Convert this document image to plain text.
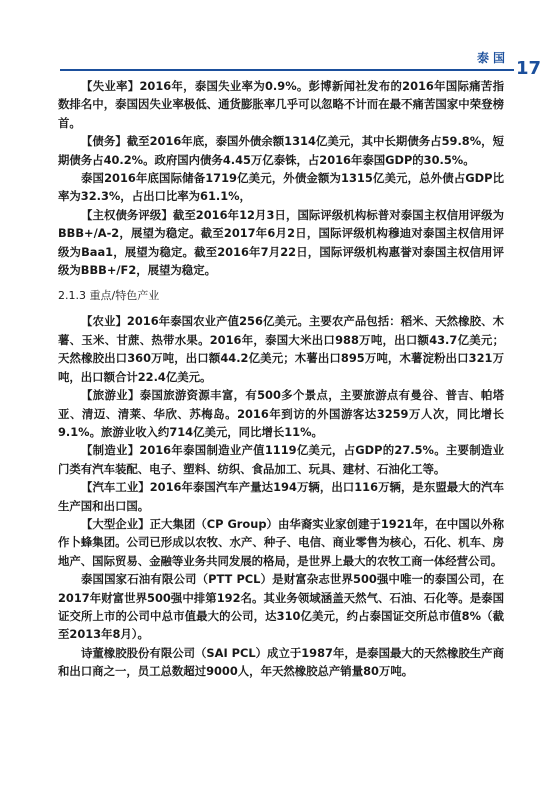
泰国 17

【失业率】2016年，泰国失业率为0.9%。彭博新闻社发布的2016年国际痛苦指数排名中，泰国因失业率极低、通货膨胀率几乎可以忽略不计而在最不痛苦国家中荣登榜首。

【债务】截至2016年底，泰国外债余额1314亿美元，其中长期债务占59.8%，短期债务占40.2%。政府国内债务4.45万亿泰铢，占2016年泰国GDP的30.5%。

泰国2016年底国际储备1719亿美元，外债金额为1315亿美元，总外债占GDP比率为32.3%，占出口比率为61.1%，

【主权债务评级】截至2016年12月3日，国际评级机构标普对泰国主权信用评级为BBB+/A-2，展望为稳定。截至2017年6月2日，国际评级机构穆迪对泰国主权信用评级为Baa1，展望为稳定。截至2016年7月22日，国际评级机构惠誉对泰国主权信用评级为BBB+/F2，展望为稳定。

2.1.3 重点/特色产业

【农业】2016年泰国农业产值256亿美元。主要农产品包括：稻米、天然橡胶、木薯、玉米、甘蔗、热带水果。2016年，泰国大米出口988万吨，出口额43.7亿美元；天然橡胶出口360万吨，出口额44.2亿美元；木薯出口895万吨，木薯淀粉出口321万吨，出口额合计22.4亿美元。

【旅游业】泰国旅游资源丰富，有500多个景点，主要旅游点有曼谷、普吉、帕塔亚、清迈、清莱、华欣、苏梅岛。2016年到访的外国游客达3259万人次，同比增长9.1%。旅游业收入约714亿美元，同比增长11%。

【制造业】2016年泰国制造业产值1119亿美元，占GDP的27.5%。主要制造业门类有汽车装配、电子、塑料、纺织、食品加工、玩具、建材、石油化工等。

【汽车工业】2016年泰国汽车产量达194万辆，出口116万辆，是东盟最大的汽车生产国和出口国。

【大型企业】正大集团（CP Group）由华裔实业家创建于1921年，在中国以外称作卜蜂集团。公司已形成以农牧、水产、种子、电信、商业零售为核心，石化、机车、房地产、国际贸易、金融等业务共同发展的格局，是世界上最大的农牧工商一体经营公司。

泰国国家石油有限公司（PTT PCL）是财富杂志世界500强中唯一的泰国公司，在2017年财富世界500强中排第192名。其业务领域涵盖天然气、石油、石化等。是泰国证交所上市的公司中总市值最大的公司，达310亿美元，约占泰国证交所总市值8%（截至2013年8月）。

诗董橡胶股份有限公司（SAI PCL）成立于1987年，是泰国最大的天然橡胶生产商和出口商之一，员工总数超过9000人，年天然橡胶总产销量80万吨。
